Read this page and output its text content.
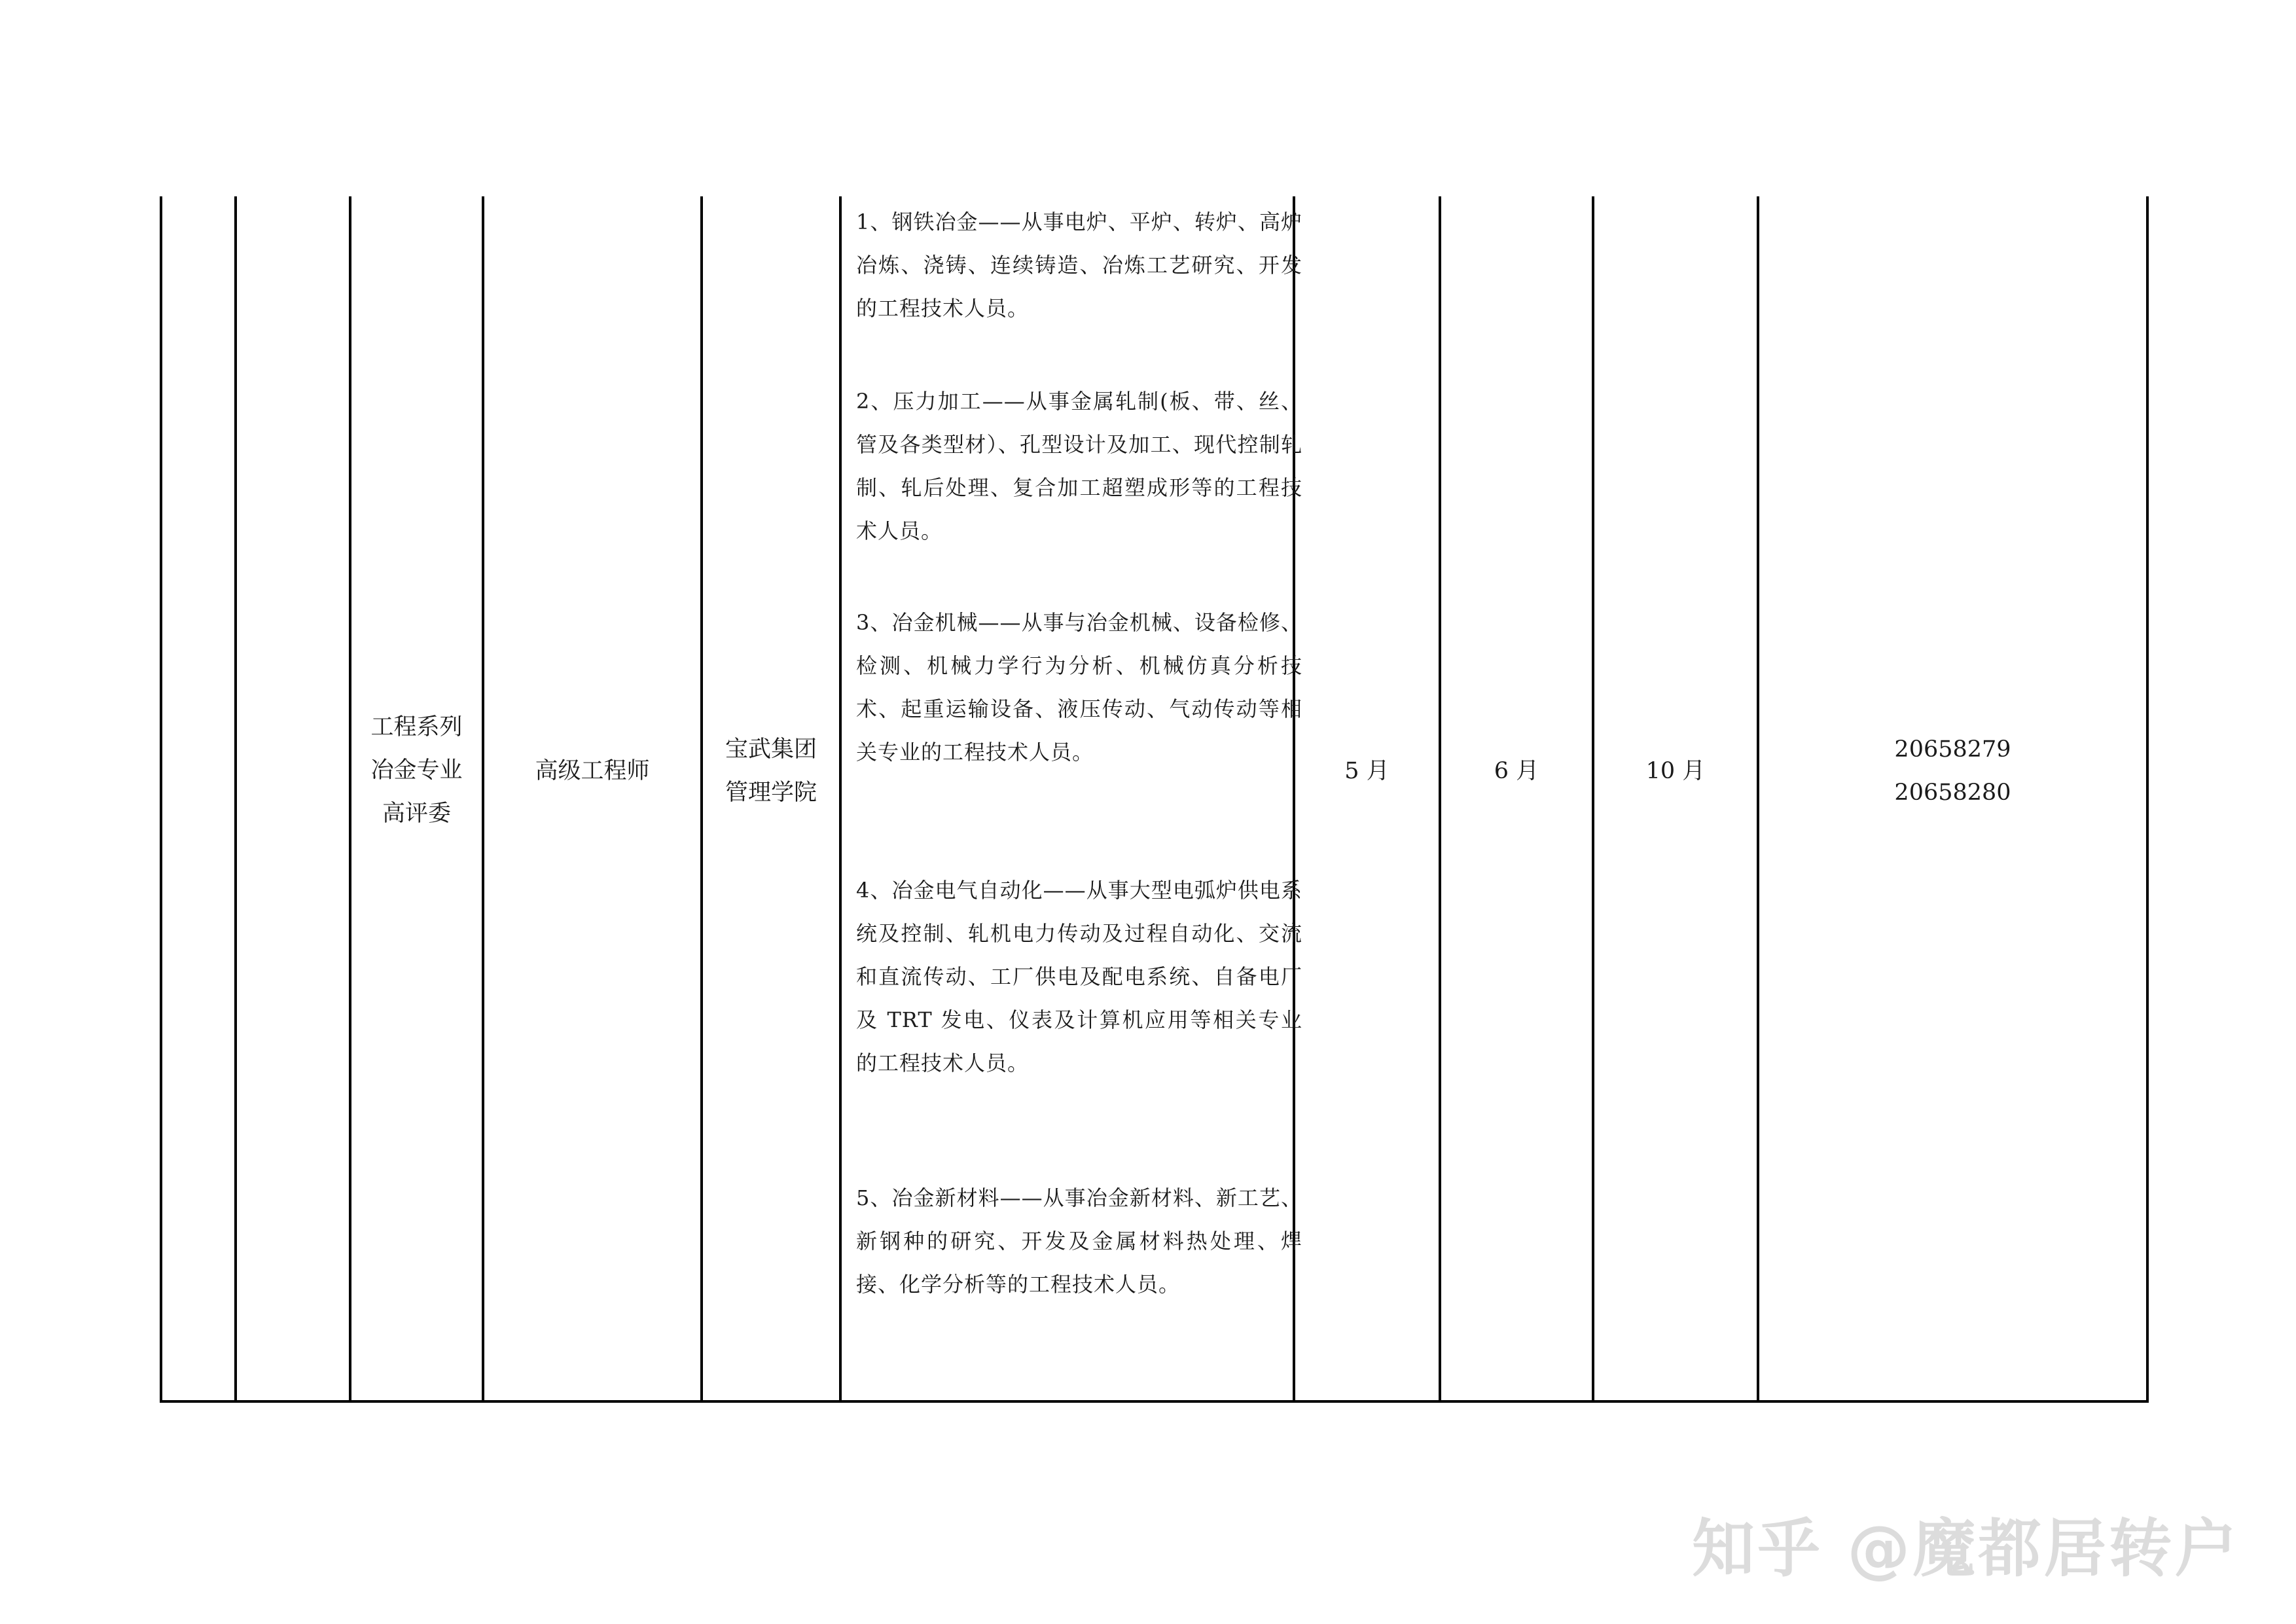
工程系列
冶金专业
高评委
高级工程师
宝武集团
管理学院
1、钢铁冶金——从事电炉、平炉、转炉、高炉冶炼、浇铸、连续铸造、冶炼工艺研究、开发的工程技术人员。
2、压力加工——从事金属轧制(板、带、丝、管及各类型材）、孔型设计及加工、现代控制轧制、轧后处理、复合加工超塑成形等的工程技术人员。
3、冶金机械——从事与冶金机械、设备检修、检测、机械力学行为分析、机械仿真分析技术、起重运输设备、液压传动、气动传动等相关专业的工程技术人员。
4、冶金电气自动化——从事大型电弧炉供电系统及控制、轧机电力传动及过程自动化、交流和直流传动、工厂供电及配电系统、自备电厂及 TRT 发电、仪表及计算机应用等相关专业的工程技术人员。
5、冶金新材料——从事冶金新材料、新工艺、新钢种的研究、开发及金属材料热处理、焊接、化学分析等的工程技术人员。
5 月	6 月	10 月
20658279
20658280
知乎 @魔都居转户
